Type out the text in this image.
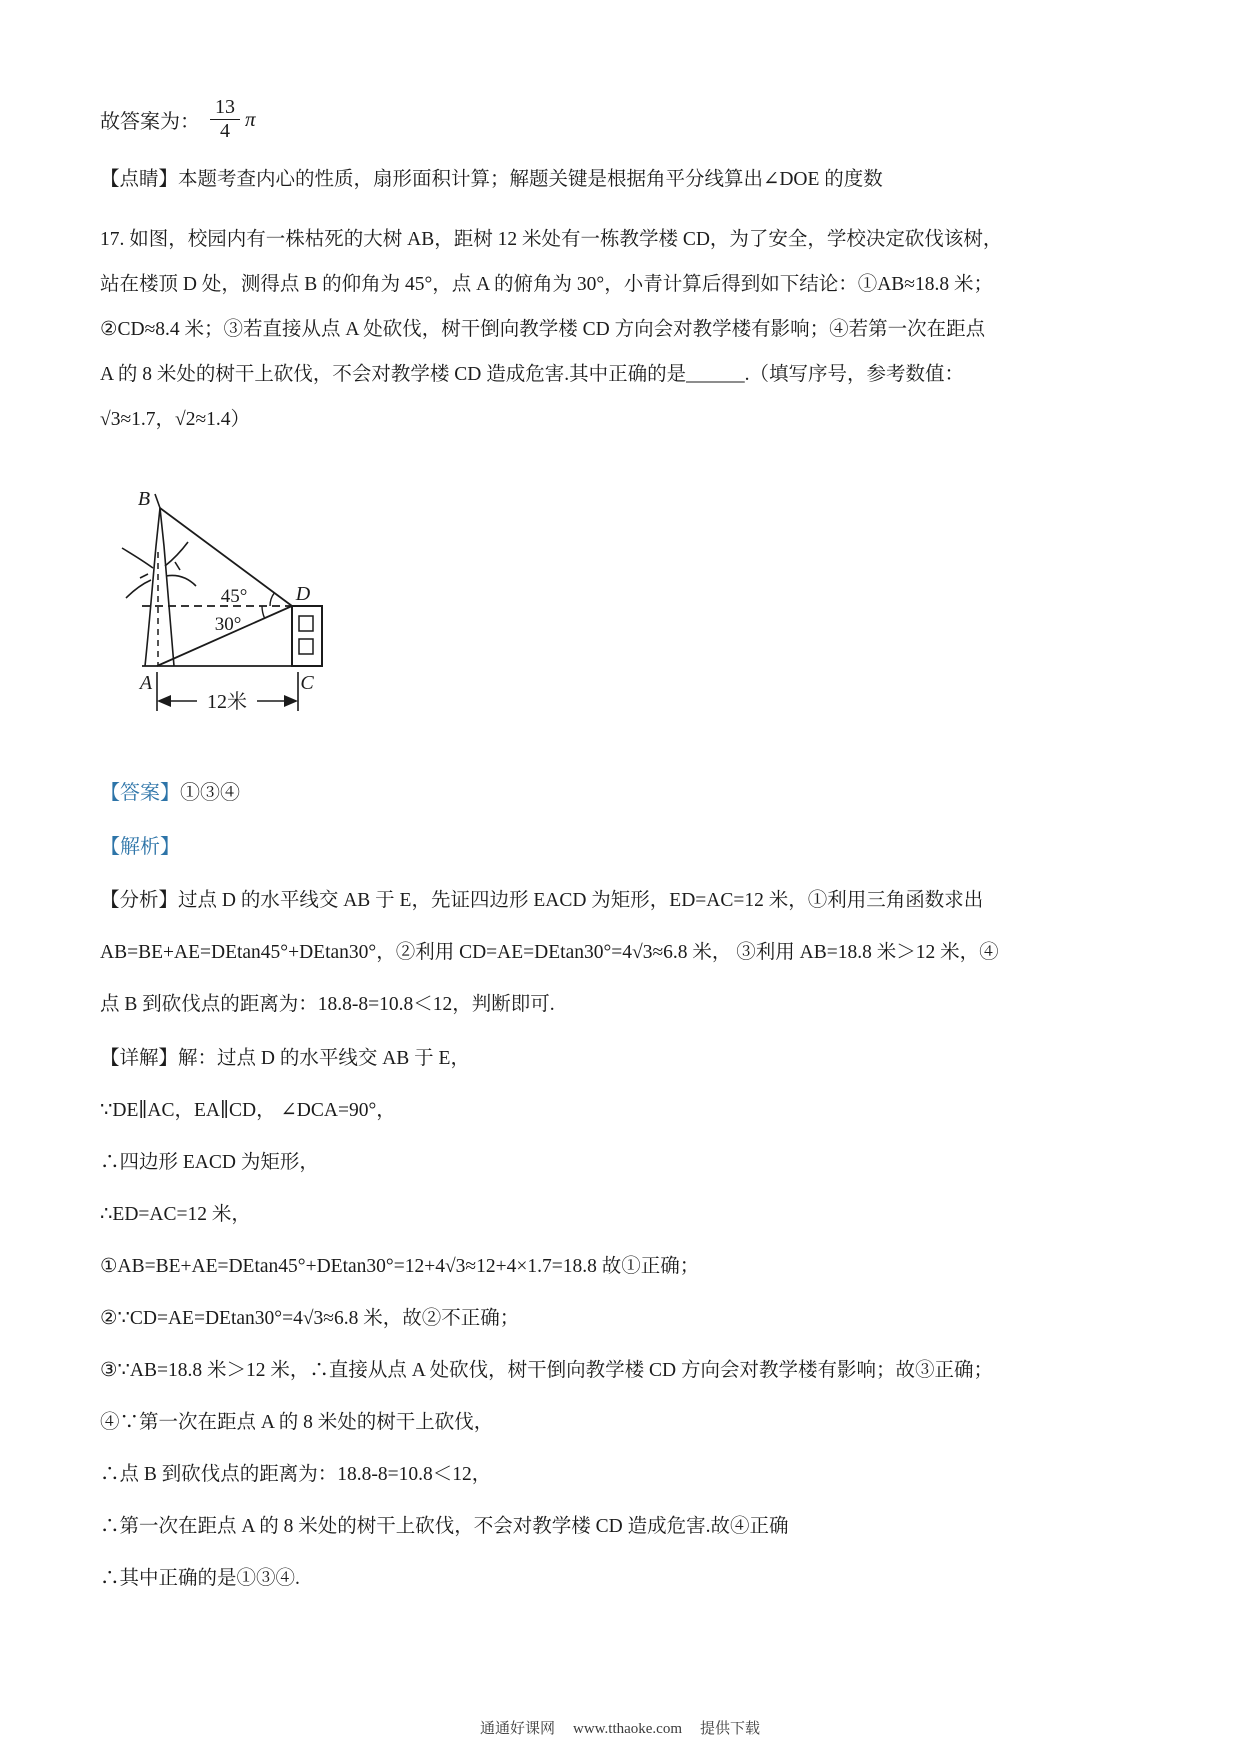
故答案为： $\frac{13}{4}$ π
【点睛】本题考查内心的性质，扇形面积计算；解题关键是根据角平分线算出∠DOE 的度数
17. 如图，校园内有一株枯死的大树 AB，距树 12 米处有一栋教学楼 CD，为了安全，学校决定砍伐该树，
站在楼顶 D 处，测得点 B 的仰角为 45°，点 A 的俯角为 30°，小青计算后得到如下结论：①AB≈18.8 米；
②CD≈8.4 米；③若直接从点 A 处砍伐，树干倒向教学楼 CD 方向会对教学楼有影响；④若第一次在距点
A 的 8 米处的树干上砍伐，不会对教学楼 CD 造成危害.其中正确的是______.（填写序号，参考数值：
√3≈1.7，√2≈1.4）
12米
B
D
A	C
45°
30°
【答案】①③④
【解析】
【分析】过点 D 的水平线交 AB 于 E，先证四边形 EACD 为矩形，ED=AC=12 米，①利用三角函数求出
AB=BE+AE=DEtan45°+DEtan30°，②利用 CD=AE=DEtan30°=4√3≈6.8 米， ③利用 AB=18.8 米＞12 米，④
点 B 到砍伐点的距离为：18.8-8=10.8＜12，判断即可.
【详解】解：过点 D 的水平线交 AB 于 E，
∵DE∥AC，EA∥CD， ∠DCA=90°，
∴四边形 EACD 为矩形，
∴ED=AC=12 米，
①AB=BE+AE=DEtan45°+DEtan30°=12+4√3≈12+4×1.7=18.8 故①正确；
②∵CD=AE=DEtan30°=4√3≈6.8 米，故②不正确；
③∵AB=18.8 米＞12 米，∴直接从点 A 处砍伐，树干倒向教学楼 CD 方向会对教学楼有影响；故③正确；
④∵第一次在距点 A 的 8 米处的树干上砍伐，
∴点 B 到砍伐点的距离为：18.8-8=10.8＜12，
∴第一次在距点 A 的 8 米处的树干上砍伐，不会对教学楼 CD 造成危害.故④正确
∴其中正确的是①③④.
通通好课网 www.tthaoke.com 提供下载
